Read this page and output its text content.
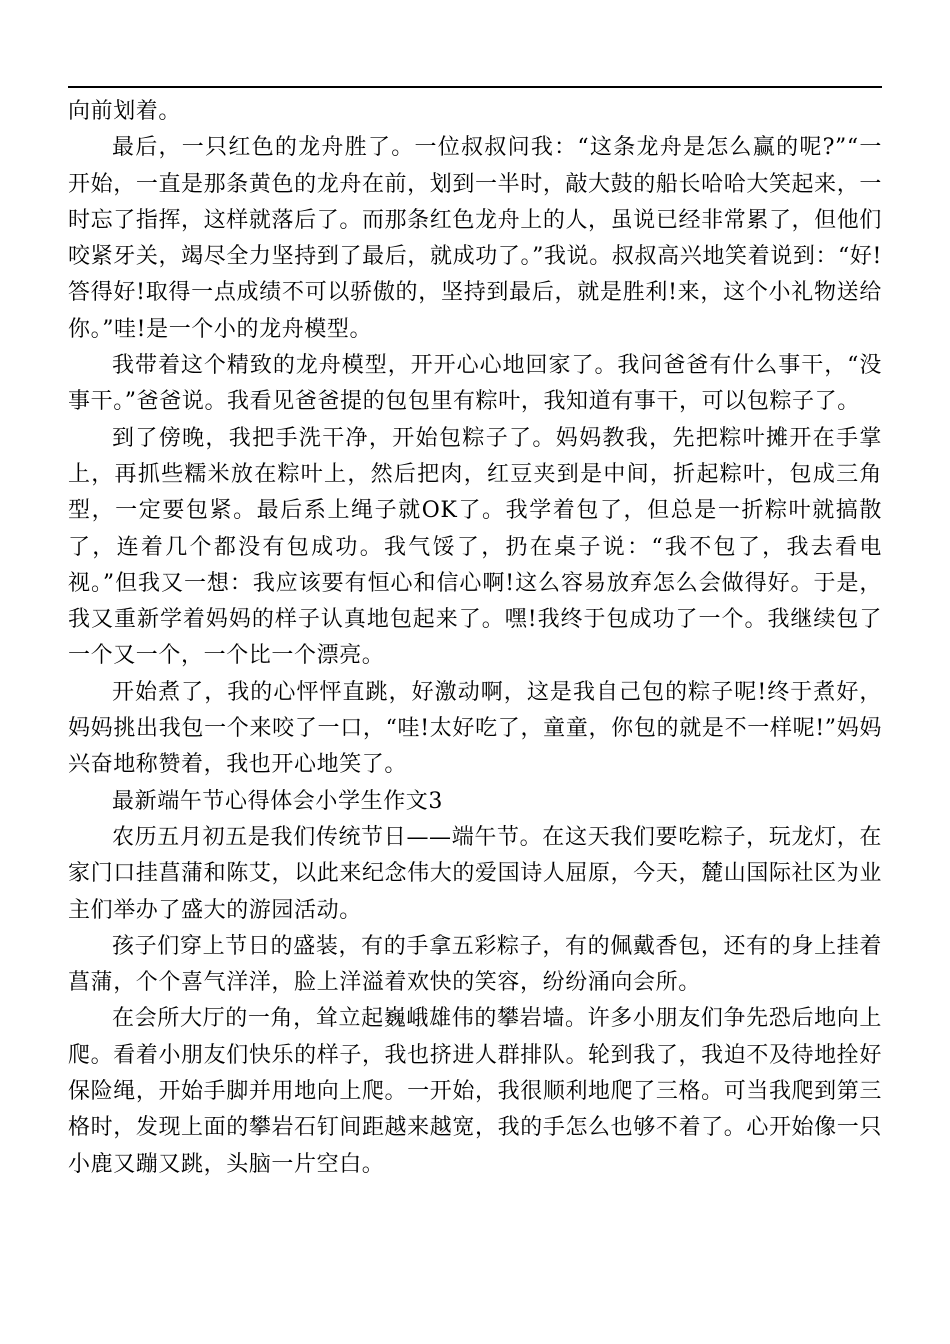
向前划着。

最后，一只红色的龙舟胜了。一位叔叔问我：“这条龙舟是怎么赢的呢?”“一开始，一直是那条黄色的龙舟在前，划到一半时，敲大鼓的船长哈哈大笑起来，一时忘了指挥，这样就落后了。而那条红色龙舟上的人，虽说已经非常累了，但他们咬紧牙关，竭尽全力坚持到了最后，就成功了。”我说。叔叔高兴地笑着说到：“好!答得好!取得一点成绩不可以骄傲的，坚持到最后，就是胜利!来，这个小礼物送给你。”哇!是一个小的龙舟模型。

我带着这个精致的龙舟模型，开开心心地回家了。我问爸爸有什么事干，“没事干。”爸爸说。我看见爸爸提的包包里有粽叶，我知道有事干，可以包粽子了。

到了傍晚，我把手洗干净，开始包粽子了。妈妈教我，先把粽叶摊开在手掌上，再抓些糯米放在粽叶上，然后把肉，红豆夹到是中间，折起粽叶，包成三角型，一定要包紧。最后系上绳子就OK了。我学着包了，但总是一折粽叶就搞散了，连着几个都没有包成功。我气馁了，扔在桌子说：“我不包了，我去看电视。”但我又一想：我应该要有恒心和信心啊!这么容易放弃怎么会做得好。于是，我又重新学着妈妈的样子认真地包起来了。嘿!我终于包成功了一个。我继续包了一个又一个，一个比一个漂亮。

开始煮了，我的心怦怦直跳，好激动啊，这是我自己包的粽子呢!终于煮好，妈妈挑出我包一个来咬了一口，“哇!太好吃了，童童，你包的就是不一样呢!”妈妈兴奋地称赞着，我也开心地笑了。

最新端午节心得体会小学生作文3

农历五月初五是我们传统节日——端午节。在这天我们要吃粽子，玩龙灯，在家门口挂菖蒲和陈艾，以此来纪念伟大的爱国诗人屈原，今天，麓山国际社区为业主们举办了盛大的游园活动。

孩子们穿上节日的盛装，有的手拿五彩粽子，有的佩戴香包，还有的身上挂着菖蒲，个个喜气洋洋，脸上洋溢着欢快的笑容，纷纷涌向会所。

在会所大厅的一角，耸立起巍峨雄伟的攀岩墙。许多小朋友们争先恐后地向上爬。看着小朋友们快乐的样子，我也挤进人群排队。轮到我了，我迫不及待地拴好保险绳，开始手脚并用地向上爬。一开始，我很顺利地爬了三格。可当我爬到第三格时，发现上面的攀岩石钉间距越来越宽，我的手怎么也够不着了。心开始像一只小鹿又蹦又跳，头脑一片空白。
